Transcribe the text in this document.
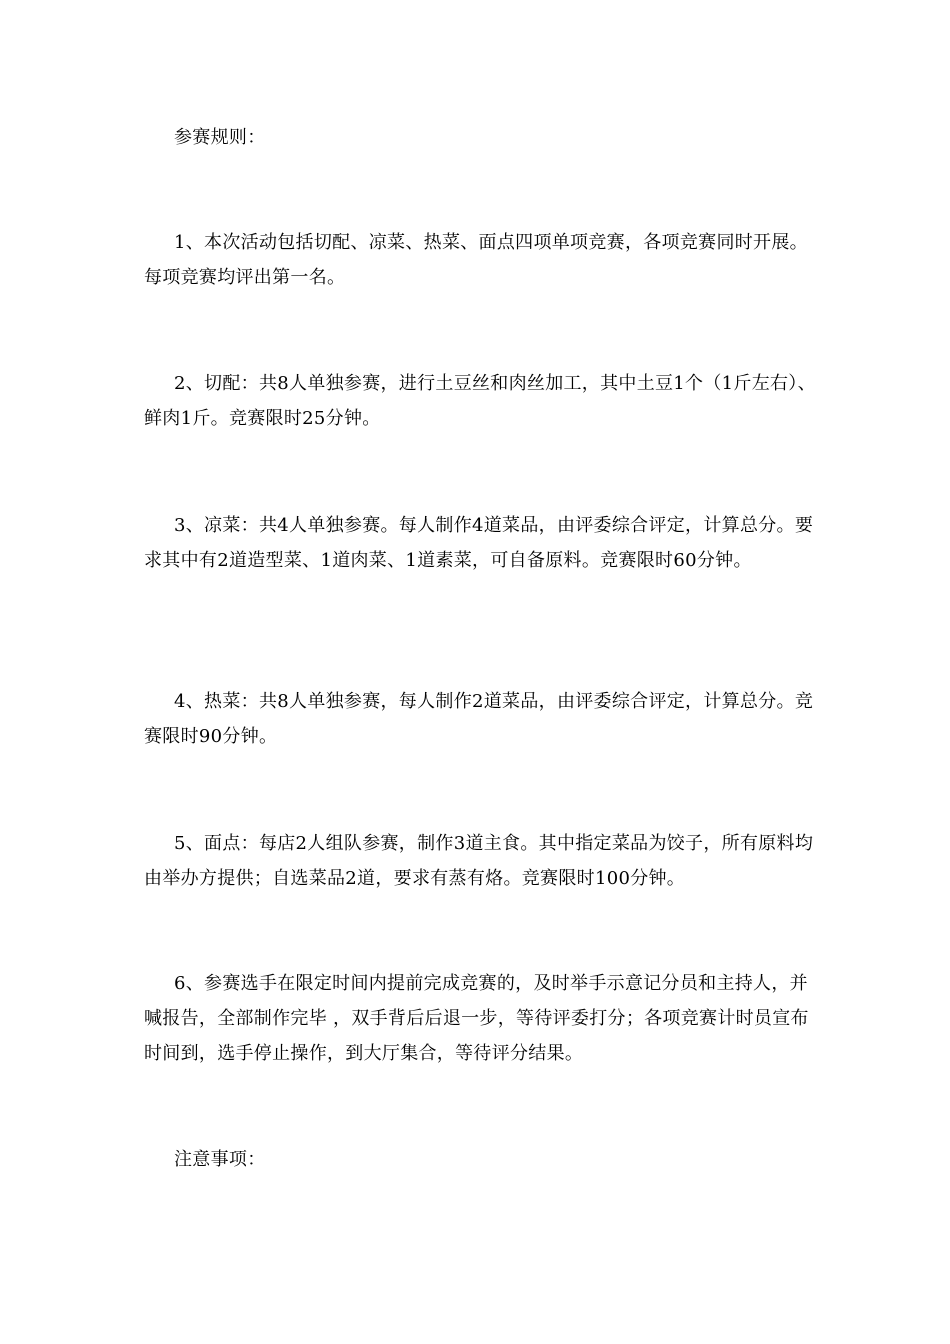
参赛规则：
1、本次活动包括切配、凉菜、热菜、面点四项单项竞赛，各项竞赛同时开展。每项竞赛均评出第一名。
2、切配：共8人单独参赛，进行土豆丝和肉丝加工，其中土豆1个（1斤左右）、鲜肉1斤。竞赛限时25分钟。
3、凉菜：共4人单独参赛。每人制作4道菜品，由评委综合评定，计算总分。要求其中有2道造型菜、1道肉菜、1道素菜，可自备原料。竞赛限时60分钟。
4、热菜：共8人单独参赛，每人制作2道菜品，由评委综合评定，计算总分。竞赛限时90分钟。
5、面点：每店2人组队参赛，制作3道主食。其中指定菜品为饺子，所有原料均由举办方提供；自选菜品2道，要求有蒸有烙。竞赛限时100分钟。
6、参赛选手在限定时间内提前完成竞赛的，及时举手示意记分员和主持人，并喊报告，全部制作完毕 ，双手背后后退一步，等待评委打分；各项竞赛计时员宣布时间到，选手停止操作，到大厅集合，等待评分结果。
注意事项：
